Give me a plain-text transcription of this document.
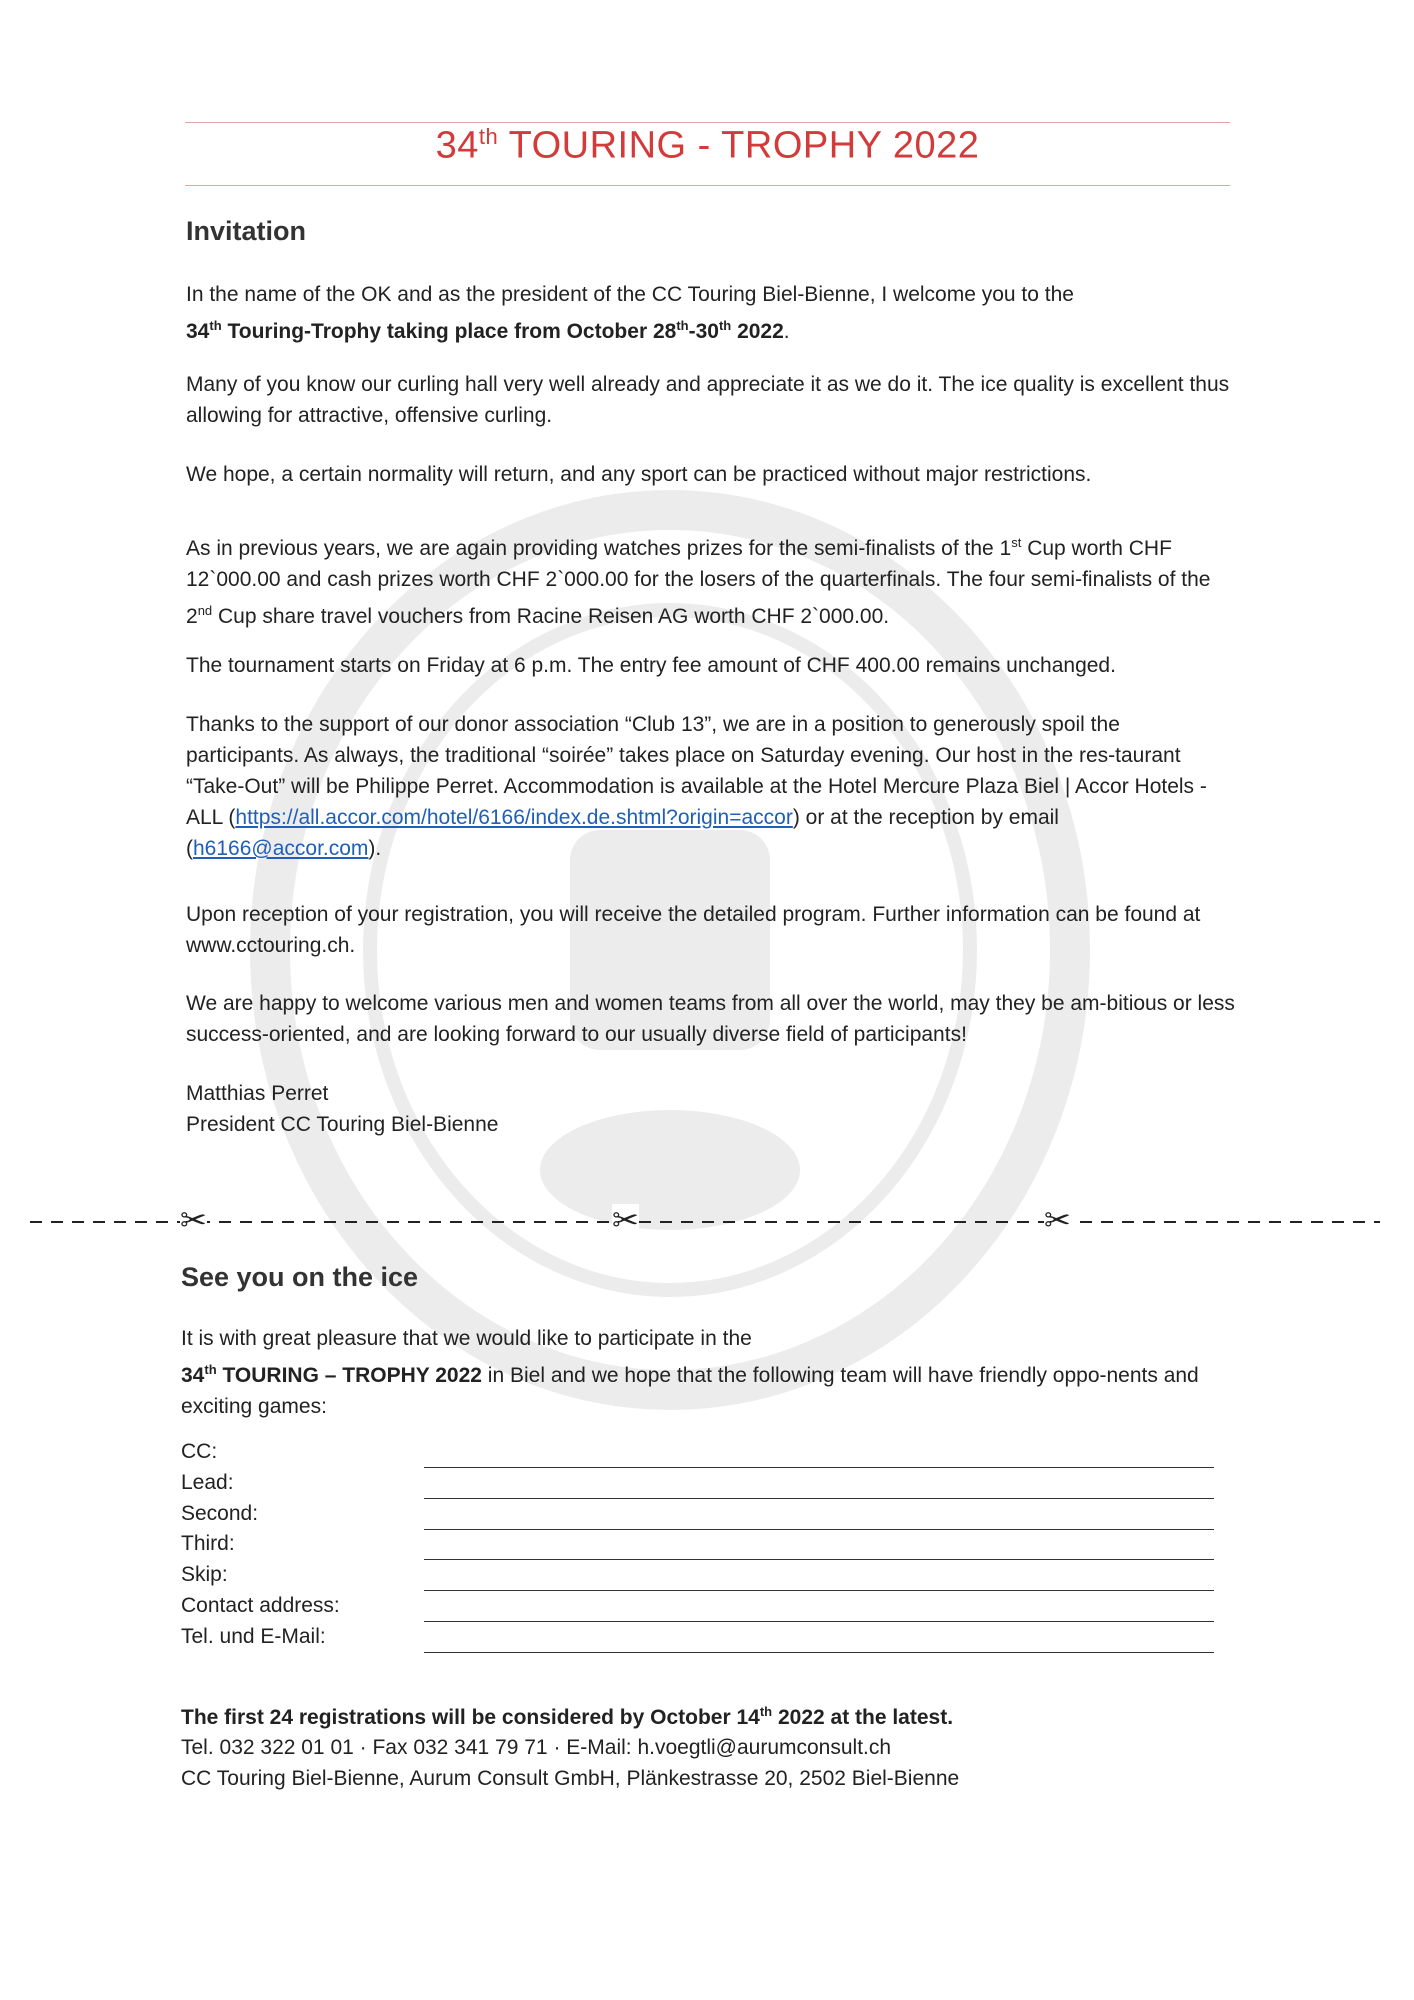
34th TOURING - TROPHY 2022
Invitation
In the name of the OK and as the president of the CC Touring Biel-Bienne, I welcome you to the
34th Touring-Trophy taking place from October 28th-30th 2022.
Many of you know our curling hall very well already and appreciate it as we do it. The ice quality is excellent thus allowing for attractive, offensive curling.
We hope, a certain normality will return, and any sport can be practiced without major restrictions.
As in previous years, we are again providing watches prizes for the semi-finalists of the 1st Cup worth CHF 12`000.00 and cash prizes worth CHF 2`000.00 for the losers of the quarterfinals. The four semi-finalists of the 2nd Cup share travel vouchers from Racine Reisen AG worth CHF 2`000.00.
The tournament starts on Friday at 6 p.m. The entry fee amount of CHF 400.00 remains unchanged.
Thanks to the support of our donor association “Club 13”, we are in a position to generously spoil the participants. As always, the traditional “soirée” takes place on Saturday evening. Our host in the res-taurant “Take-Out” will be Philippe Perret. Accommodation is available at the Hotel Mercure Plaza Biel | Accor Hotels - ALL (https://all.accor.com/hotel/6166/index.de.shtml?origin=accor) or at the reception by email (h6166@accor.com).
Upon reception of your registration, you will receive the detailed program. Further information can be found at www.cctouring.ch.
We are happy to welcome various men and women teams from all over the world, may they be am-bitious or less success-oriented, and are looking forward to our usually diverse field of participants!
Matthias Perret
President CC Touring Biel-Bienne
✂	✂	✂
See you on the ice
It is with great pleasure that we would like to participate in the
34th TOURING – TROPHY 2022 in Biel and we hope that the following team will have friendly oppo-nents and exciting games:
CC:
Lead:
Second:
Third:
Skip:
Contact address:
Tel. und E-Mail:
The first 24 registrations will be considered by October 14th 2022 at the latest.
Tel. 032 322 01 01 · Fax 032 341 79 71 · E-Mail: h.voegtli@aurumconsult.ch
CC Touring Biel-Bienne, Aurum Consult GmbH, Plänkestrasse 20, 2502 Biel-Bienne
